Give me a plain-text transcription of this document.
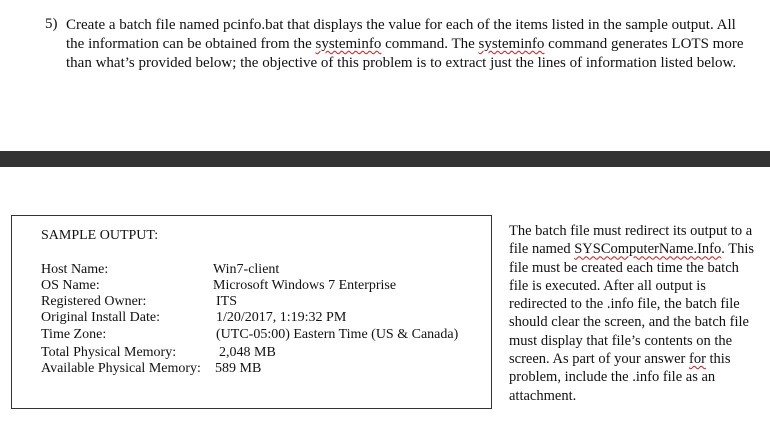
5) Create a batch file named pcinfo.bat that displays the value for each of the items listed in the sample output. All the information can be obtained from the systeminfo command. The systeminfo command generates LOTS more than what’s provided below; the objective of this problem is to extract just the lines of information listed below.

SAMPLE OUTPUT:
Host Name:	Win7-client
OS Name:	Microsoft Windows 7 Enterprise
Registered Owner:	ITS
Original Install Date:	1/20/2017, 1:19:32 PM
Time Zone:	(UTC-05:00) Eastern Time (US & Canada)
Total Physical Memory:	2,048 MB
Available Physical Memory: 589 MB

The batch file must redirect its output to a file named SYSComputerName.Info. This file must be created each time the batch file is executed. After all output is redirected to the .info file, the batch file should clear the screen, and the batch file must display that file’s contents on the screen. As part of your answer for this problem, include the .info file as an attachment.
